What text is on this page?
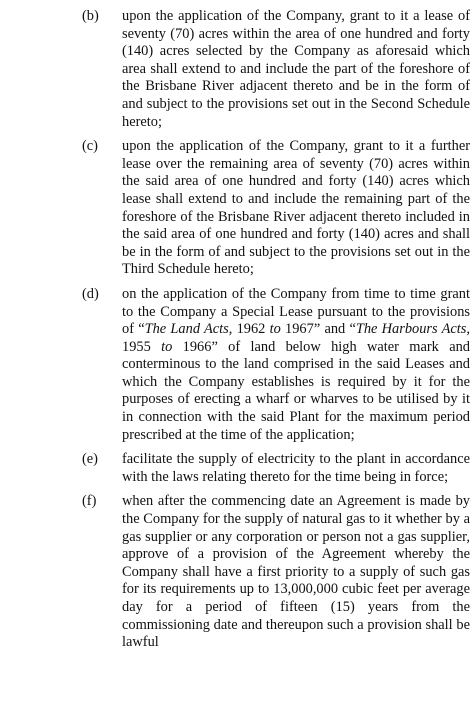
(b)	upon the application of the Company, grant to it a lease of seventy (70) acres within the area of one hundred and forty (140) acres selected by the Company as aforesaid which area shall extend to and include the part of the foreshore of the Brisbane River adjacent thereto and be in the form of and subject to the provisions set out in the Second Schedule hereto;
(c)	upon the application of the Company, grant to it a further lease over the remaining area of seventy (70) acres within the said area of one hundred and forty (140) acres which lease shall extend to and include the remaining part of the foreshore of the Brisbane River adjacent thereto included in the said area of one hundred and forty (140) acres and shall be in the form of and subject to the provisions set out in the Third Schedule hereto;
(d)	on the application of the Company from time to time grant to the Company a Special Lease pursuant to the provisions of “The Land Acts, 1962 to 1967” and “The Harbours Acts, 1955 to 1966” of land below high water mark and conterminous to the land comprised in the said Leases and which the Company establishes is required by it for the purposes of erecting a wharf or wharves to be utilised by it in connection with the said Plant for the maximum period prescribed at the time of the application;
(e)	facilitate the supply of electricity to the plant in accordance with the laws relating thereto for the time being in force;
(f)	when after the commencing date an Agreement is made by the Company for the supply of natural gas to it whether by a gas supplier or any corporation or person not a gas supplier, approve of a provision of the Agreement whereby the Company shall have a first priority to a supply of such gas for its requirements up to 13,000,000 cubic feet per average day for a period of fifteen (15) years from the commissioning date and thereupon such a provision shall be lawful
